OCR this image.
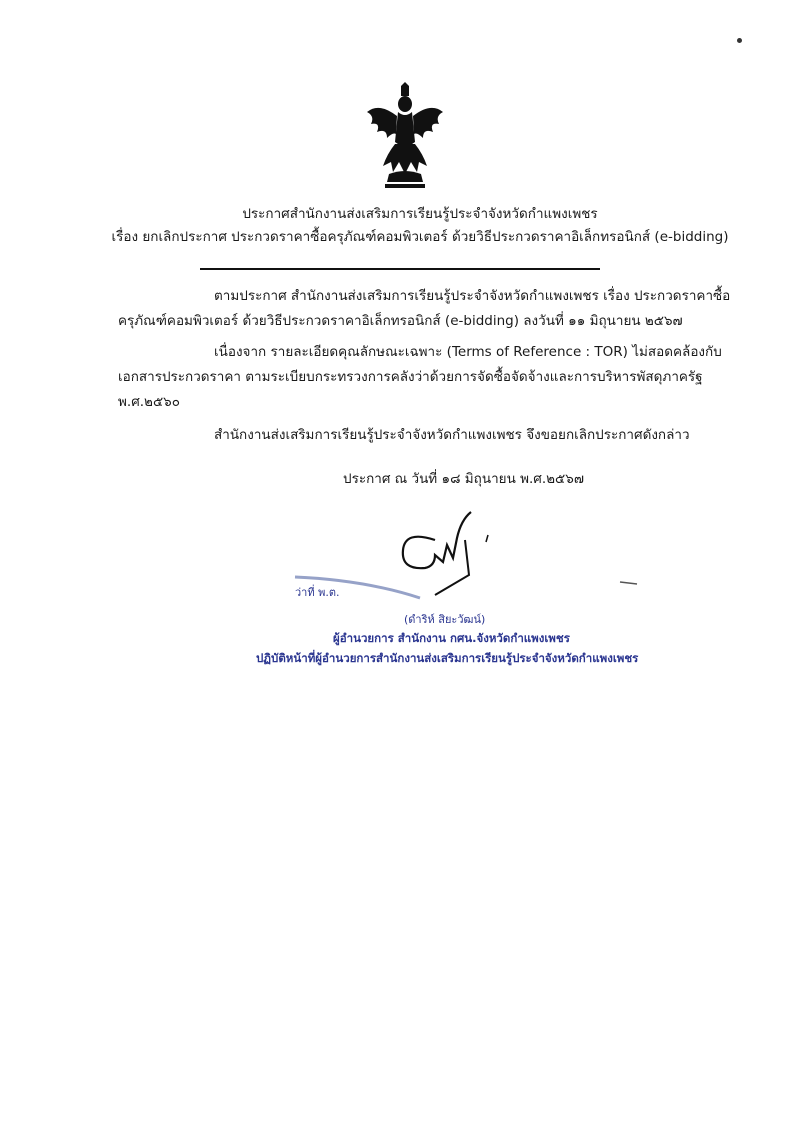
ประกาศสำนักงานส่งเสริมการเรียนรู้ประจำจังหวัดกำแพงเพชร
เรื่อง ยกเลิกประกาศ ประกวดราคาซื้อครุภัณฑ์คอมพิวเตอร์ ด้วยวิธีประกวดราคาอิเล็กทรอนิกส์ (e-bidding)
ตามประกาศ สำนักงานส่งเสริมการเรียนรู้ประจำจังหวัดกำแพงเพชร เรื่อง ประกวดราคาซื้อ
ครุภัณฑ์คอมพิวเตอร์ ด้วยวิธีประกวดราคาอิเล็กทรอนิกส์ (e-bidding) ลงวันที่ ๑๑ มิถุนายน ๒๕๖๗
เนื่องจาก รายละเอียดคุณลักษณะเฉพาะ (Terms of Reference : TOR) ไม่สอดคล้องกับ
เอกสารประกวดราคา ตามระเบียบกระทรวงการคลังว่าด้วยการจัดซื้อจัดจ้างและการบริหารพัสดุภาครัฐ
พ.ศ.๒๕๖๐
สำนักงานส่งเสริมการเรียนรู้ประจำจังหวัดกำแพงเพชร จึงขอยกเลิกประกาศดังกล่าว
ประกาศ ณ วันที่ ๑๘ มิถุนายน พ.ศ.๒๕๖๗
ว่าที่ พ.ต.
(ดำริห์ สิยะวัฒน์)
ผู้อำนวยการ สำนักงาน กศน.จังหวัดกำแพงเพชร
ปฏิบัติหน้าที่ผู้อำนวยการสำนักงานส่งเสริมการเรียนรู้ประจำจังหวัดกำแพงเพชร
